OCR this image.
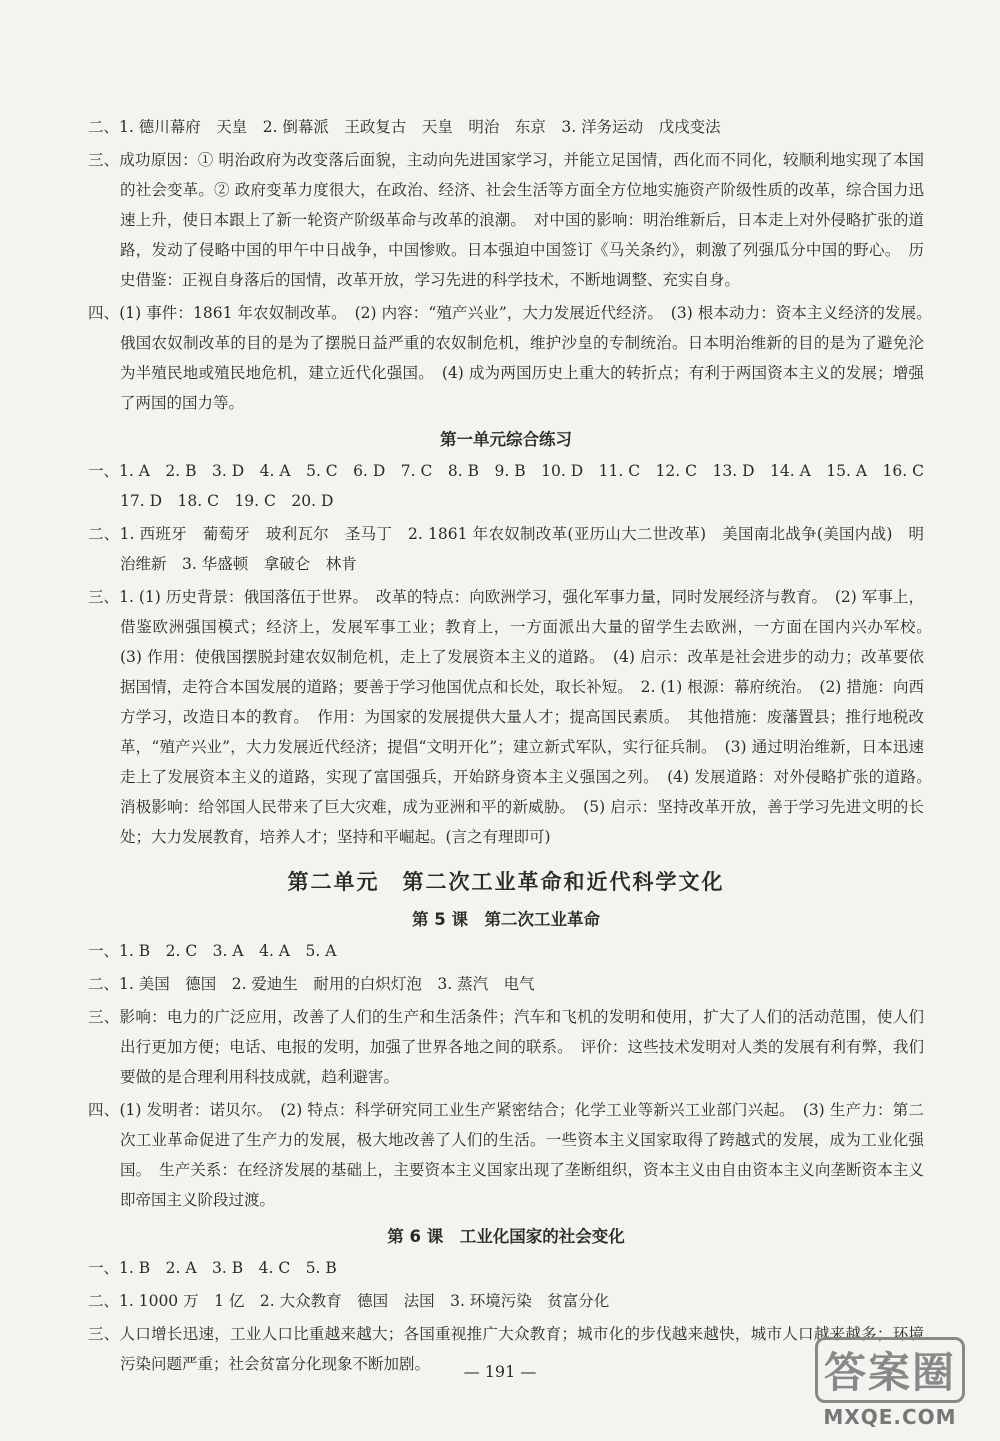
二、1. 德川幕府　天皇　2. 倒幕派　王政复古　天皇　明治　东京　3. 洋务运动　戊戌变法

三、成功原因：① 明治政府为改变落后面貌，主动向先进国家学习，并能立足国情，西化而不同化，较顺利地实现了本国的社会变革。② 政府变革力度很大，在政治、经济、社会生活等方面全方位地实施资产阶级性质的改革，综合国力迅速上升，使日本跟上了新一轮资产阶级革命与改革的浪潮。　对中国的影响：明治维新后，日本走上对外侵略扩张的道路，发动了侵略中国的甲午中日战争，中国惨败。日本强迫中国签订《马关条约》，刺激了列强瓜分中国的野心。　历史借鉴：正视自身落后的国情，改革开放，学习先进的科学技术，不断地调整、充实自身。

四、(1) 事件：1861 年农奴制改革。　(2) 内容：“殖产兴业”，大力发展近代经济。　(3) 根本动力：资本主义经济的发展。　俄国农奴制改革的目的是为了摆脱日益严重的农奴制危机，维护沙皇的专制统治。日本明治维新的目的是为了避免沦为半殖民地或殖民地危机，建立近代化强国。　(4) 成为两国历史上重大的转折点；有利于两国资本主义的发展；增强了两国的国力等。

第一单元综合练习

一、1. A　2. B　3. D　4. A　5. C　6. D　7. C　8. B　9. B　10. D　11. C　12. C　13. D　14. A　15. A　16. C　17. D　18. C　19. C　20. D

二、1. 西班牙　葡萄牙　玻利瓦尔　圣马丁　2. 1861 年农奴制改革(亚历山大二世改革)　美国南北战争(美国内战)　明治维新　3. 华盛顿　拿破仑　林肯

三、1. (1) 历史背景：俄国落伍于世界。　改革的特点：向欧洲学习，强化军事力量，同时发展经济与教育。　(2) 军事上，借鉴欧洲强国模式；经济上，发展军事工业；教育上，一方面派出大量的留学生去欧洲，一方面在国内兴办军校。　(3) 作用：使俄国摆脱封建农奴制危机，走上了发展资本主义的道路。　(4) 启示：改革是社会进步的动力；改革要依据国情，走符合本国发展的道路；要善于学习他国优点和长处，取长补短。　2. (1) 根源：幕府统治。　(2) 措施：向西方学习，改造日本的教育。　作用：为国家的发展提供大量人才；提高国民素质。　其他措施：废藩置县；推行地税改革，“殖产兴业”，大力发展近代经济；提倡“文明开化”；建立新式军队，实行征兵制。　(3) 通过明治维新，日本迅速走上了发展资本主义的道路，实现了富国强兵，开始跻身资本主义强国之列。　(4) 发展道路：对外侵略扩张的道路。　消极影响：给邻国人民带来了巨大灾难，成为亚洲和平的新威胁。　(5) 启示：坚持改革开放，善于学习先进文明的长处；大力发展教育，培养人才；坚持和平崛起。(言之有理即可)

第二单元　第二次工业革命和近代科学文化
第 5 课　第二次工业革命

一、1. B　2. C　3. A　4. A　5. A

二、1. 美国　德国　2. 爱迪生　耐用的白炽灯泡　3. 蒸汽　电气

三、影响：电力的广泛应用，改善了人们的生产和生活条件；汽车和飞机的发明和使用，扩大了人们的活动范围，使人们出行更加方便；电话、电报的发明，加强了世界各地之间的联系。　评价：这些技术发明对人类的发展有利有弊，我们要做的是合理利用科技成就，趋利避害。

四、(1) 发明者：诺贝尔。　(2) 特点：科学研究同工业生产紧密结合；化学工业等新兴工业部门兴起。　(3) 生产力：第二次工业革命促进了生产力的发展，极大地改善了人们的生活。一些资本主义国家取得了跨越式的发展，成为工业化强国。　生产关系：在经济发展的基础上，主要资本主义国家出现了垄断组织，资本主义由自由资本主义向垄断资本主义即帝国主义阶段过渡。

第 6 课　工业化国家的社会变化

一、1. B　2. A　3. B　4. C　5. B

二、1. 1000 万　1 亿　2. 大众教育　德国　法国　3. 环境污染　贫富分化

三、人口增长迅速，工业人口比重越来越大；各国重视推广大众教育；城市化的步伐越来越快，城市人口越来越多；环境污染问题严重；社会贫富分化现象不断加剧。	— 191 —	答案圈
MXQE.COM
